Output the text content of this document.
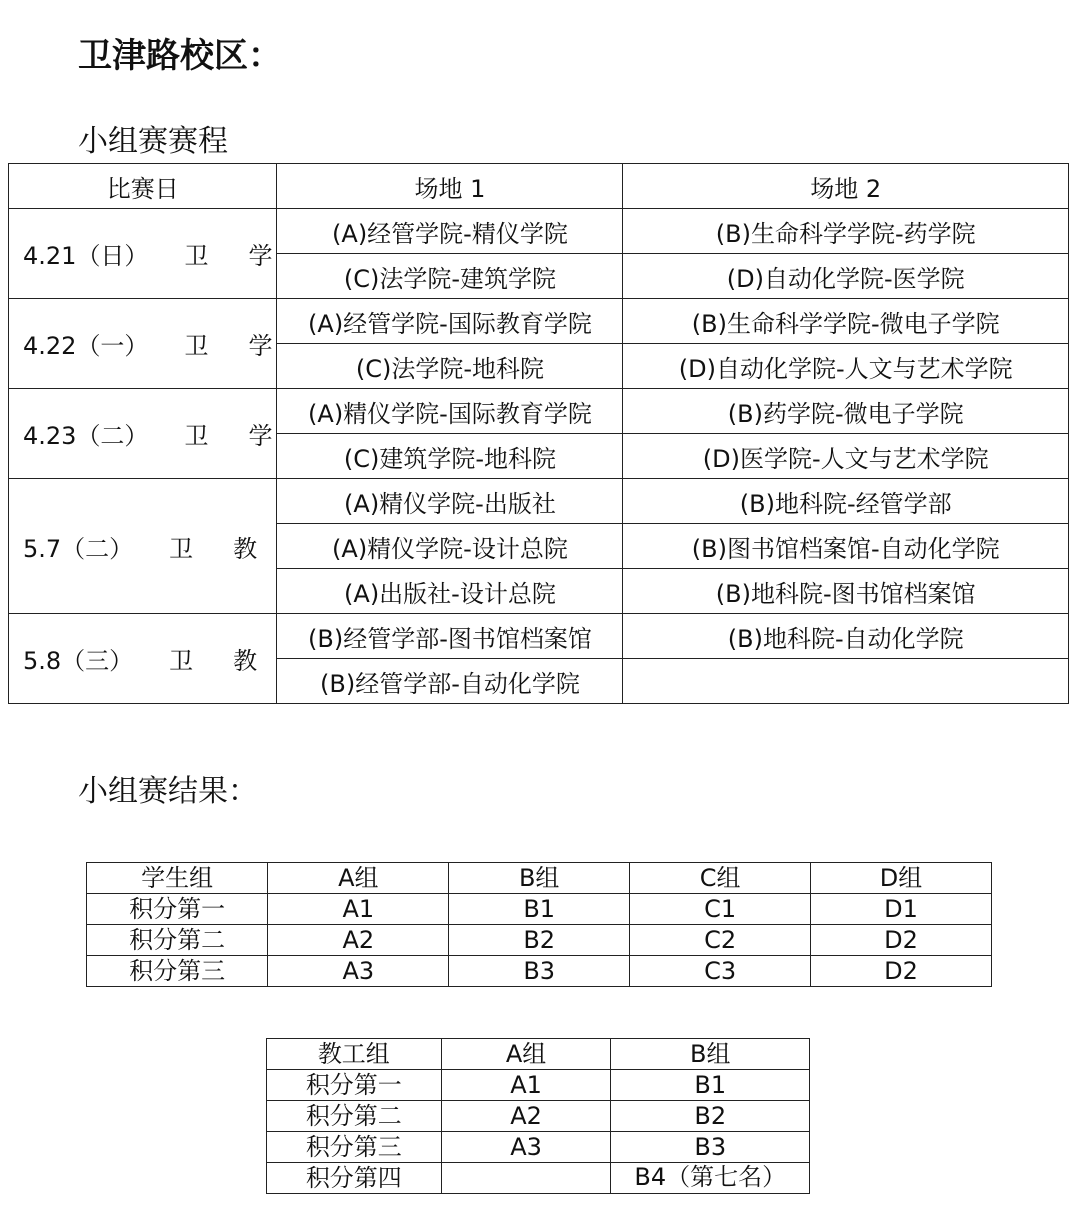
卫津路校区：
小组赛赛程
比赛日	场地 1	场地 2
4.21（日） 卫 学	(A)经管学院-精仪学院	(B)生命科学学院-药学院
	(C)法学院-建筑学院	(D)自动化学院-医学院
4.22（一） 卫 学	(A)经管学院-国际教育学院	(B)生命科学学院-微电子学院
	(C)法学院-地科院	(D)自动化学院-人文与艺术学院
4.23（二） 卫 学	(A)精仪学院-国际教育学院	(B)药学院-微电子学院
	(C)建筑学院-地科院	(D)医学院-人文与艺术学院
5.7（二） 卫 教	(A)精仪学院-出版社	(B)地科院-经管学部
	(A)精仪学院-设计总院	(B)图书馆档案馆-自动化学院
	(A)出版社-设计总院	(B)地科院-图书馆档案馆
5.8（三） 卫 教	(B)经管学部-图书馆档案馆	(B)地科院-自动化学院
	(B)经管学部-自动化学院	
小组赛结果：
学生组	A组	B组	C组	D组
积分第一	A1	B1	C1	D1
积分第二	A2	B2	C2	D2
积分第三	A3	B3	C3	D2
教工组	A组	B组
积分第一	A1	B1
积分第二	A2	B2
积分第三	A3	B3
积分第四		B4（第七名）
